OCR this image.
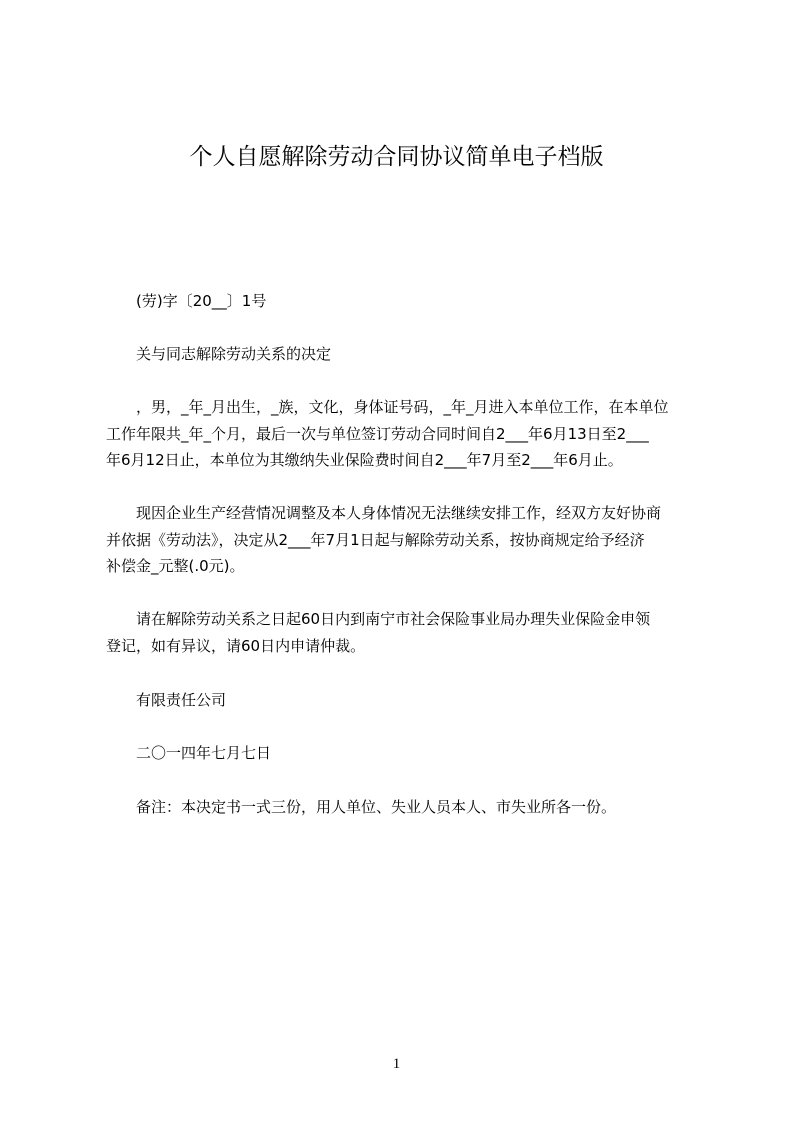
个人自愿解除劳动合同协议简单电子档版

(劳)字〔20__〕1号

关与同志解除劳动关系的决定

，男，_年_月出生，_族，文化，身体证号码，_年_月进入本单位工作，在本单位
工作年限共_年_个月，最后一次与单位签订劳动合同时间自2___年6月13日至2___
年6月12日止，本单位为其缴纳失业保险费时间自2___年7月至2___年6月止。
现因企业生产经营情况调整及本人身体情况无法继续安排工作，经双方友好协商
并依据《劳动法》，决定从2___年7月1日起与解除劳动关系，按协商规定给予经济
补偿金_元整(.0元)。
请在解除劳动关系之日起60日内到南宁市社会保险事业局办理失业保险金申领
登记，如有异议，请60日内申请仲裁。

有限责任公司

二〇一四年七月七日

备注：本决定书一式三份，用人单位、失业人员本人、市失业所各一份。

1
